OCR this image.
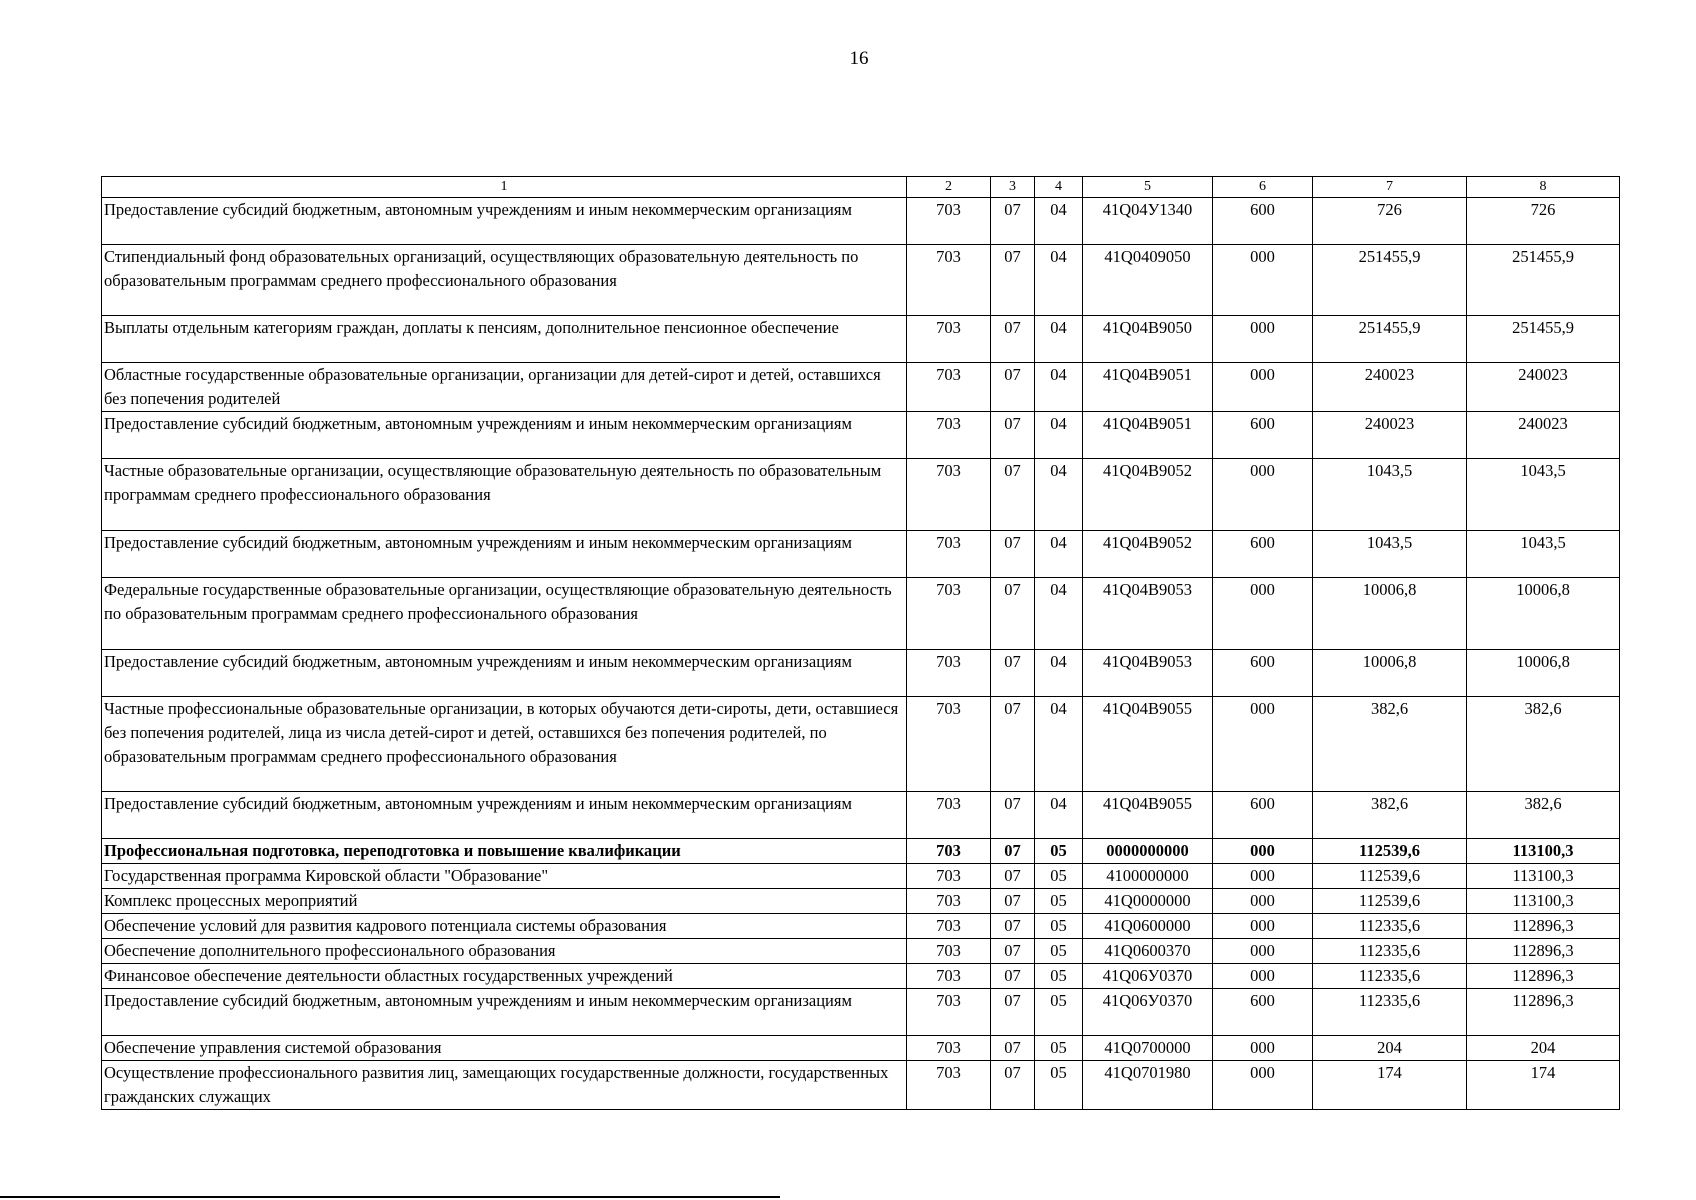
16
1	2	3	4	5	6	7	8
Предоставление субсидий бюджетным, автономным учреждениям и иным некоммерческим организациям	703	07	04	41Q04У1340	600	726	726
Стипендиальный фонд образовательных организаций, осуществляющих образовательную деятельность по образовательным программам среднего профессионального образования	703	07	04	41Q0409050	000	251455,9	251455,9
Выплаты отдельным категориям граждан, доплаты к пенсиям, дополнительное пенсионное обеспечение	703	07	04	41Q04B9050	000	251455,9	251455,9
Областные государственные образовательные организации, организации для детей-сирот и детей, оставшихся без попечения родителей	703	07	04	41Q04B9051	000	240023	240023
Предоставление субсидий бюджетным, автономным учреждениям и иным некоммерческим организациям	703	07	04	41Q04B9051	600	240023	240023
Частные образовательные организации, осуществляющие образовательную деятельность по образовательным программам среднего профессионального образования	703	07	04	41Q04B9052	000	1043,5	1043,5
Предоставление субсидий бюджетным, автономным учреждениям и иным некоммерческим организациям	703	07	04	41Q04B9052	600	1043,5	1043,5
Федеральные государственные образовательные организации, осуществляющие образовательную деятельность по образовательным программам среднего профессионального образования	703	07	04	41Q04B9053	000	10006,8	10006,8
Предоставление субсидий бюджетным, автономным учреждениям и иным некоммерческим организациям	703	07	04	41Q04B9053	600	10006,8	10006,8
Частные профессиональные образовательные организации, в которых обучаются дети-сироты, дети, оставшиеся без попечения родителей, лица из числа детей-сирот и детей, оставшихся без попечения родителей, по образовательным программам среднего профессионального образования	703	07	04	41Q04B9055	000	382,6	382,6
Предоставление субсидий бюджетным, автономным учреждениям и иным некоммерческим организациям	703	07	04	41Q04B9055	600	382,6	382,6
Профессиональная подготовка, переподготовка и повышение квалификации	703	07	05	0000000000	000	112539,6	113100,3
Государственная программа Кировской области "Образование"	703	07	05	4100000000	000	112539,6	113100,3
Комплекс процессных мероприятий	703	07	05	41Q0000000	000	112539,6	113100,3
Обеспечение условий для развития кадрового потенциала системы образования	703	07	05	41Q0600000	000	112335,6	112896,3
Обеспечение дополнительного профессионального образования	703	07	05	41Q0600370	000	112335,6	112896,3
Финансовое обеспечение деятельности областных государственных учреждений	703	07	05	41Q06У0370	000	112335,6	112896,3
Предоставление субсидий бюджетным, автономным учреждениям и иным некоммерческим организациям	703	07	05	41Q06У0370	600	112335,6	112896,3
Обеспечение управления системой образования	703	07	05	41Q0700000	000	204	204
Осуществление профессионального развития лиц, замещающих государственные должности, государственных гражданских служащих	703	07	05	41Q0701980	000	174	174
